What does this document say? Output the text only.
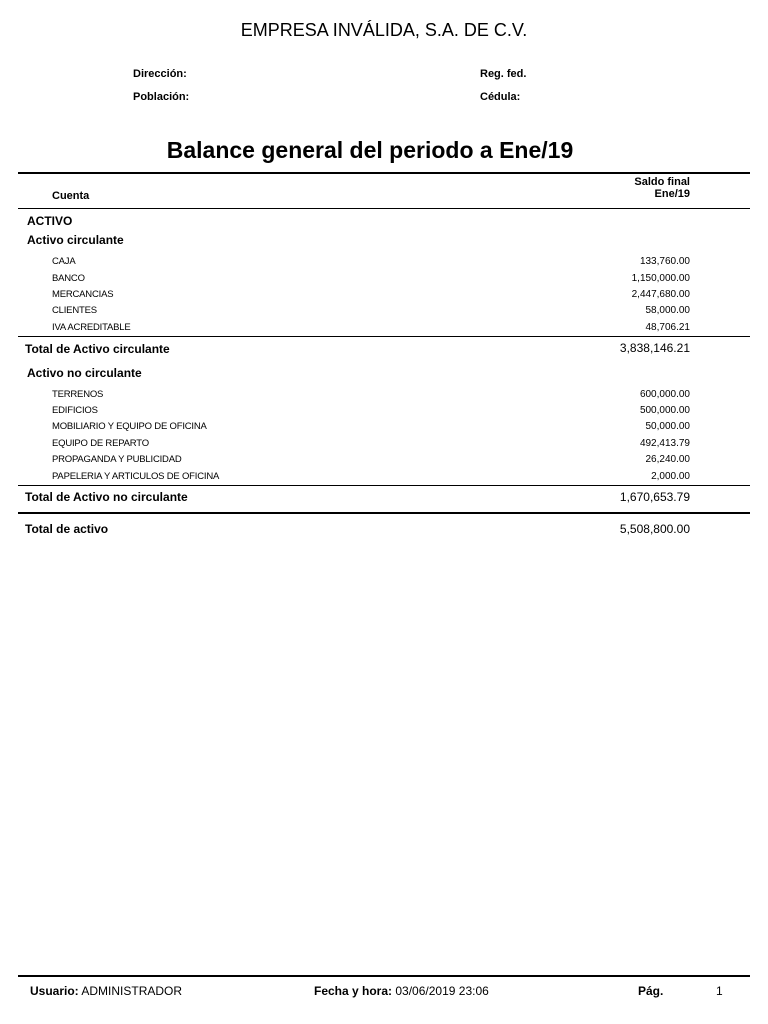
EMPRESA INVÁLIDA, S.A. DE C.V.
Dirección:
Población:
Reg. fed.
Cédula:
Balance general del periodo a Ene/19
Cuenta
Saldo final
Ene/19
ACTIVO
Activo circulante
CAJA	133,760.00
BANCO	1,150,000.00
MERCANCIAS	2,447,680.00
CLIENTES	58,000.00
IVA ACREDITABLE	48,706.21
Total de Activo circulante	3,838,146.21
Activo no circulante
TERRENOS	600,000.00
EDIFICIOS	500,000.00
MOBILIARIO Y EQUIPO DE OFICINA	50,000.00
EQUIPO DE REPARTO	492,413.79
PROPAGANDA Y PUBLICIDAD	26,240.00
PAPELERIA Y ARTICULOS DE OFICINA	2,000.00
Total de Activo no circulante	1,670,653.79
Total de activo	5,508,800.00
Usuario: ADMINISTRADOR	Fecha y hora: 03/06/2019 23:06	Pág.	1
